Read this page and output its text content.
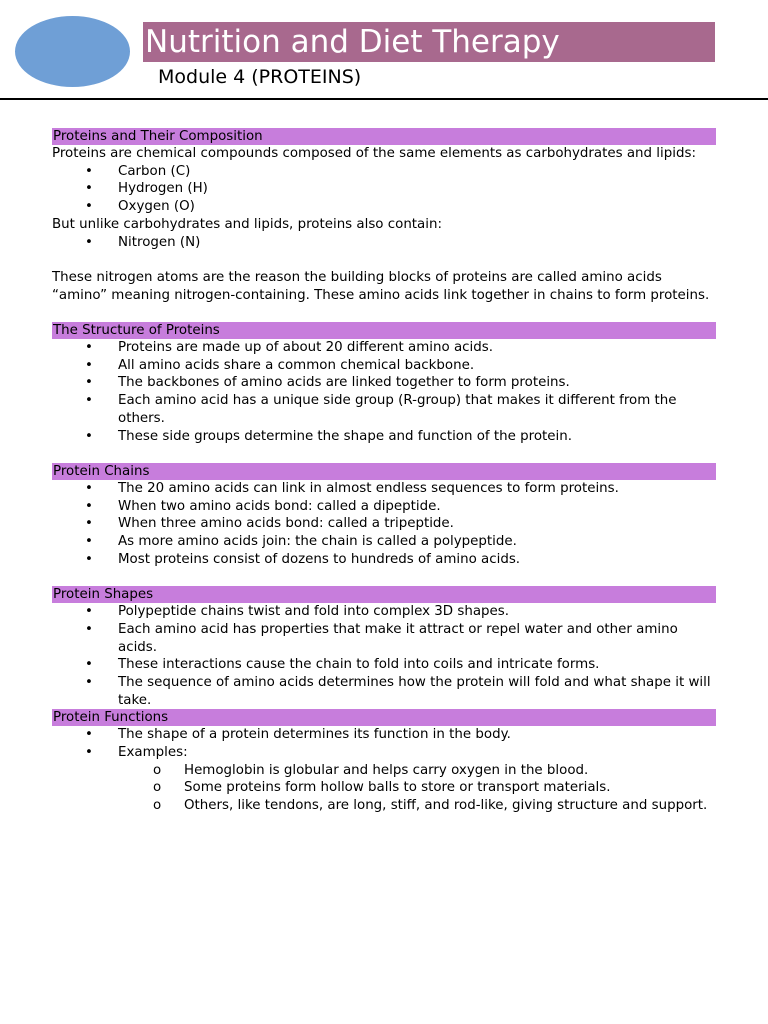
Nutrition and Diet Therapy
Module 4 (PROTEINS)
Proteins and Their Composition

Proteins are chemical compounds composed of the same elements as carbohydrates and lipids:

• Carbon (C)
• Hydrogen (H)
• Oxygen (O)

But unlike carbohydrates and lipids, proteins also contain:

• Nitrogen (N)

These nitrogen atoms are the reason the building blocks of proteins are called amino acids “amino” meaning nitrogen-containing. These amino acids link together in chains to form proteins.

The Structure of Proteins
• Proteins are made up of about 20 different amino acids.
• All amino acids share a common chemical backbone.
• The backbones of amino acids are linked together to form proteins.
• Each amino acid has a unique side group (R-group) that makes it different from the others.
• These side groups determine the shape and function of the protein.
Protein Chains
• The 20 amino acids can link in almost endless sequences to form proteins.
• When two amino acids bond: called a dipeptide.
• When three amino acids bond: called a tripeptide.
• As more amino acids join: the chain is called a polypeptide.
• Most proteins consist of dozens to hundreds of amino acids.
Protein Shapes
• Polypeptide chains twist and fold into complex 3D shapes.
• Each amino acid has properties that make it attract or repel water and other amino acids.
• These interactions cause the chain to fold into coils and intricate forms.
• The sequence of amino acids determines how the protein will fold and what shape it will take.
Protein Functions
• The shape of a protein determines its function in the body.
• Examples:
o Hemoglobin is globular and helps carry oxygen in the blood.
o Some proteins form hollow balls to store or transport materials.
o Others, like tendons, are long, stiff, and rod-like, giving structure and support.
